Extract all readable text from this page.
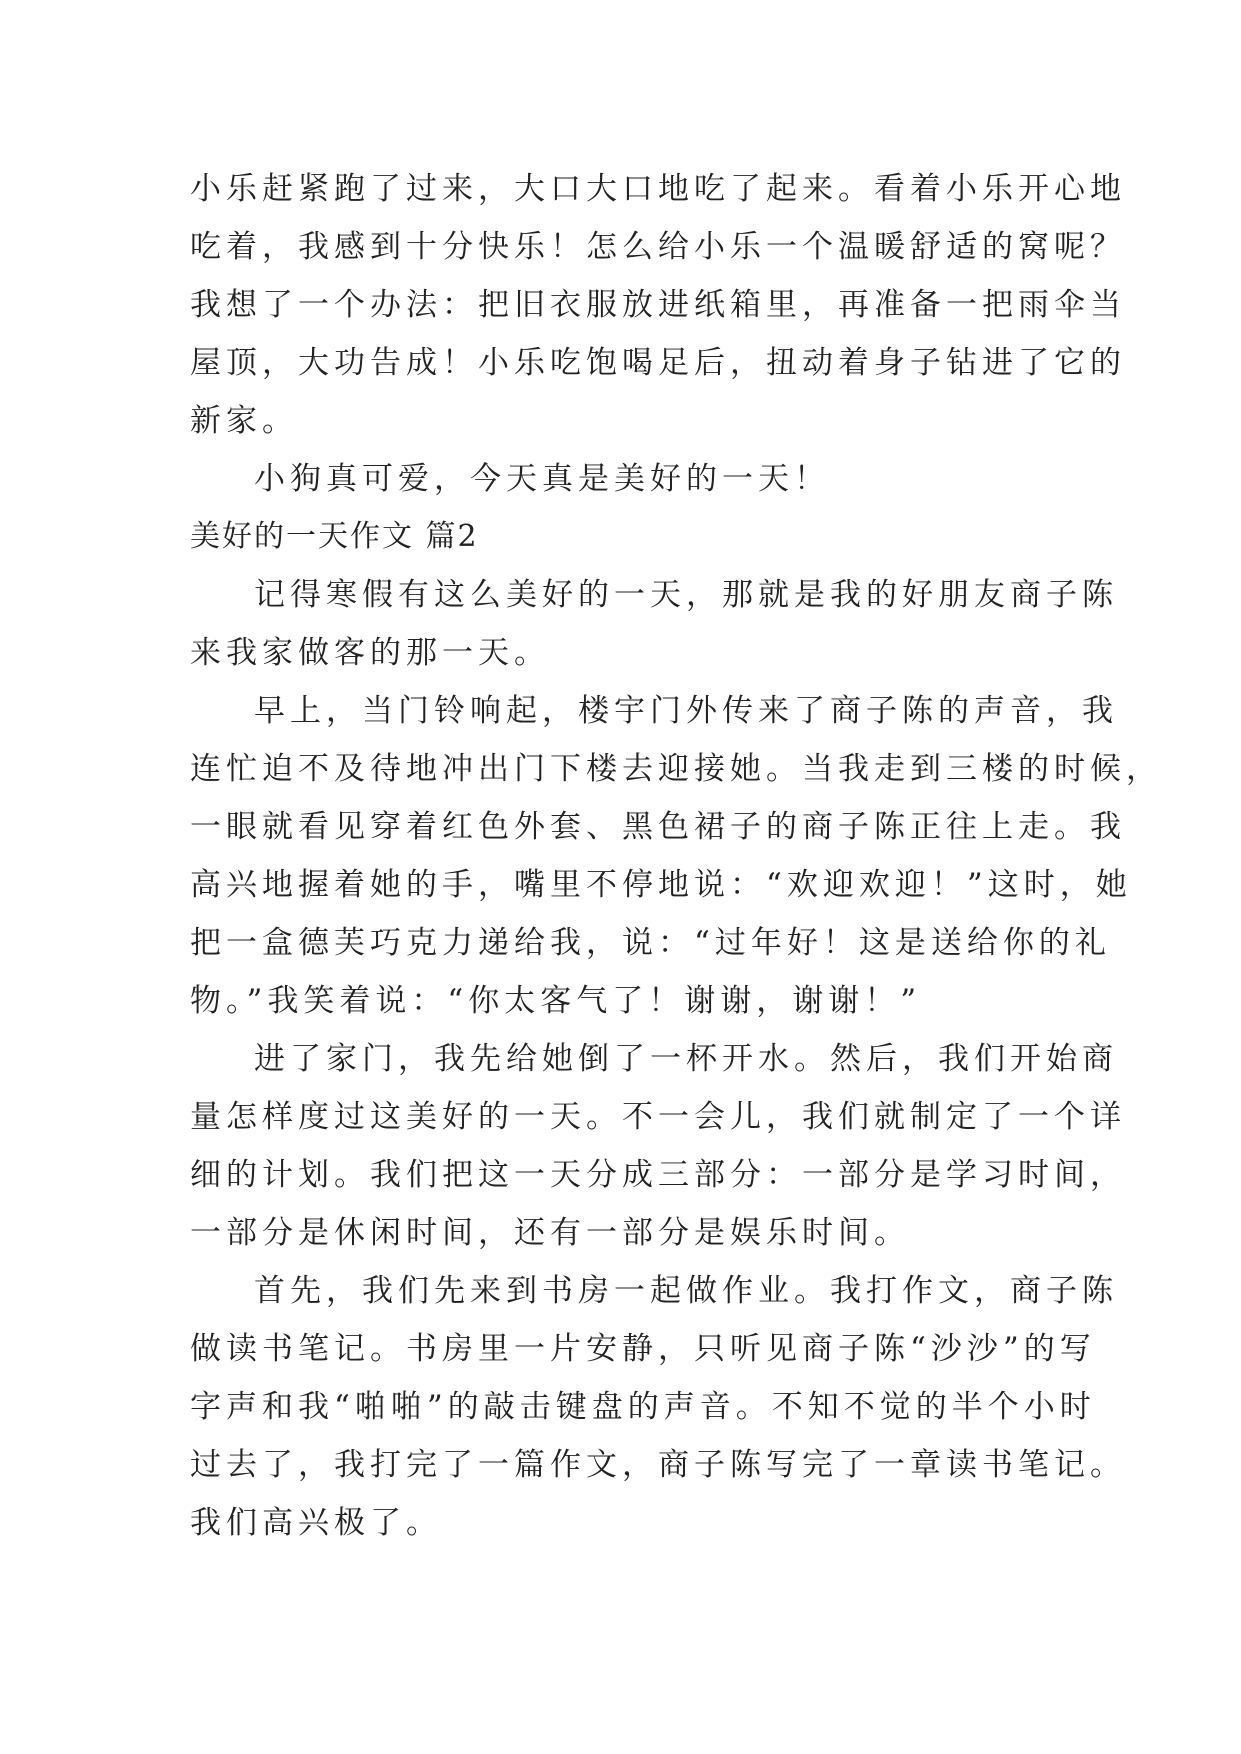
小乐赶紧跑了过来，大口大口地吃了起来。看着小乐开心地
吃着，我感到十分快乐！怎么给小乐一个温暖舒适的窝呢？
我想了一个办法：把旧衣服放进纸箱里，再准备一把雨伞当
屋顶，大功告成！小乐吃饱喝足后，扭动着身子钻进了它的
新家。
小狗真可爱，今天真是美好的一天！
美好的一天作文 篇2
记得寒假有这么美好的一天，那就是我的好朋友商子陈
来我家做客的那一天。
早上，当门铃响起，楼宇门外传来了商子陈的声音，我
连忙迫不及待地冲出门下楼去迎接她。当我走到三楼的时候，
一眼就看见穿着红色外套、黑色裙子的商子陈正往上走。我
高兴地握着她的手，嘴里不停地说：“欢迎欢迎！”这时，她
把一盒德芙巧克力递给我，说：“过年好！这是送给你的礼
物。”我笑着说：“你太客气了！谢谢，谢谢！”
进了家门，我先给她倒了一杯开水。然后，我们开始商
量怎样度过这美好的一天。不一会儿，我们就制定了一个详
细的计划。我们把这一天分成三部分：一部分是学习时间，
一部分是休闲时间，还有一部分是娱乐时间。
首先，我们先来到书房一起做作业。我打作文，商子陈
做读书笔记。书房里一片安静，只听见商子陈“沙沙”的写
字声和我“啪啪”的敲击键盘的声音。不知不觉的半个小时
过去了，我打完了一篇作文，商子陈写完了一章读书笔记。
我们高兴极了。
